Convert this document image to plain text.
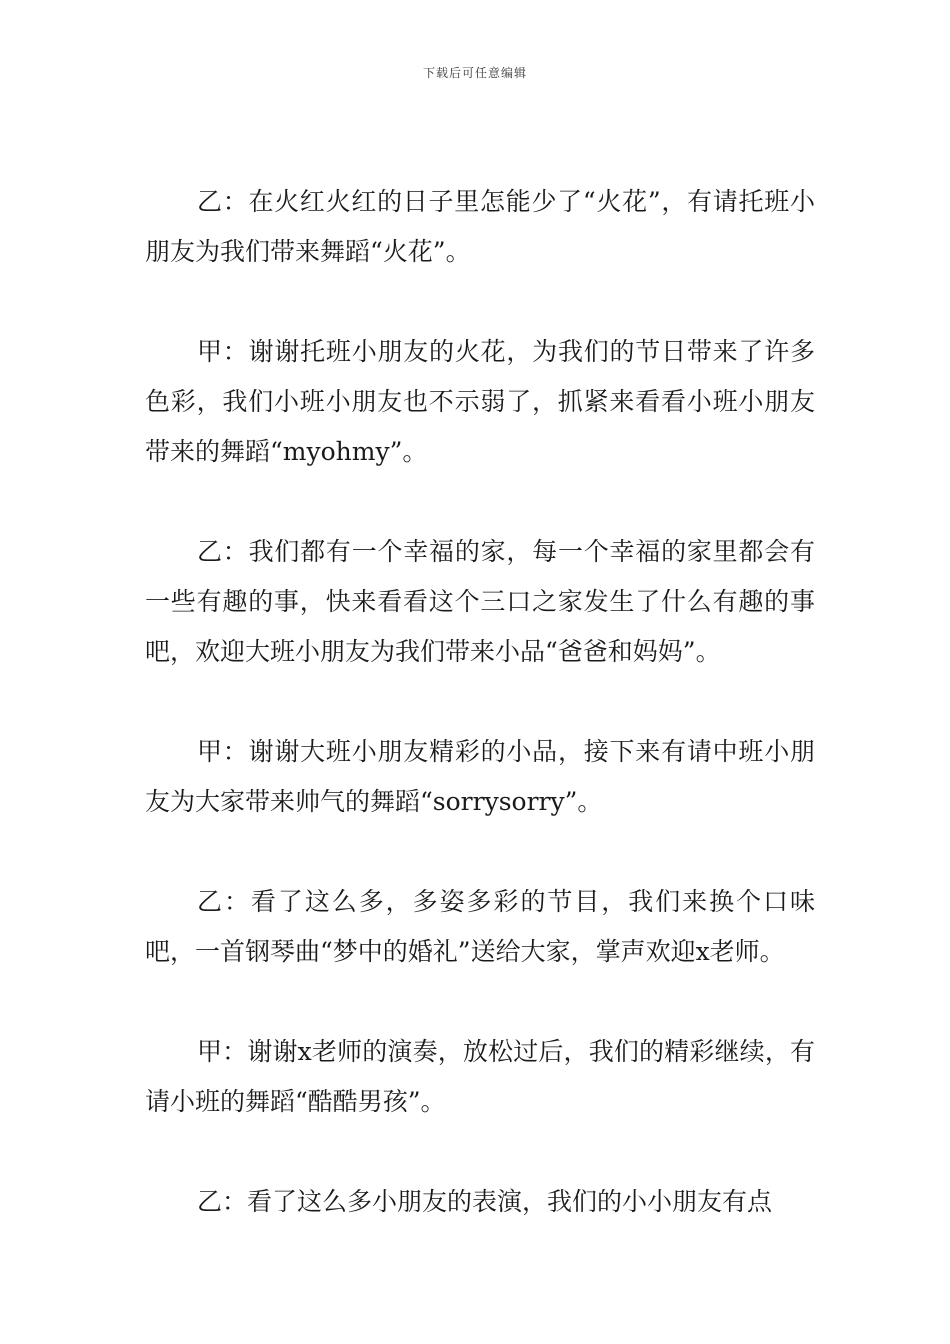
下载后可任意编辑

乙：在火红火红的日子里怎能少了“火花”，有请托班小朋友为我们带来舞蹈“火花”。

甲：谢谢托班小朋友的火花，为我们的节日带来了许多色彩，我们小班小朋友也不示弱了，抓紧来看看小班小朋友带来的舞蹈“myohmy”。

乙：我们都有一个幸福的家，每一个幸福的家里都会有一些有趣的事，快来看看这个三口之家发生了什么有趣的事吧，欢迎大班小朋友为我们带来小品“爸爸和妈妈”。

甲：谢谢大班小朋友精彩的小品，接下来有请中班小朋友为大家带来帅气的舞蹈“sorrysorry”。

乙：看了这么多，多姿多彩的节目，我们来换个口味吧，一首钢琴曲“梦中的婚礼”送给大家，掌声欢迎x老师。

甲：谢谢x老师的演奏，放松过后，我们的精彩继续，有请小班的舞蹈“酷酷男孩”。

乙：看了这么多小朋友的表演，我们的小小朋友有点
